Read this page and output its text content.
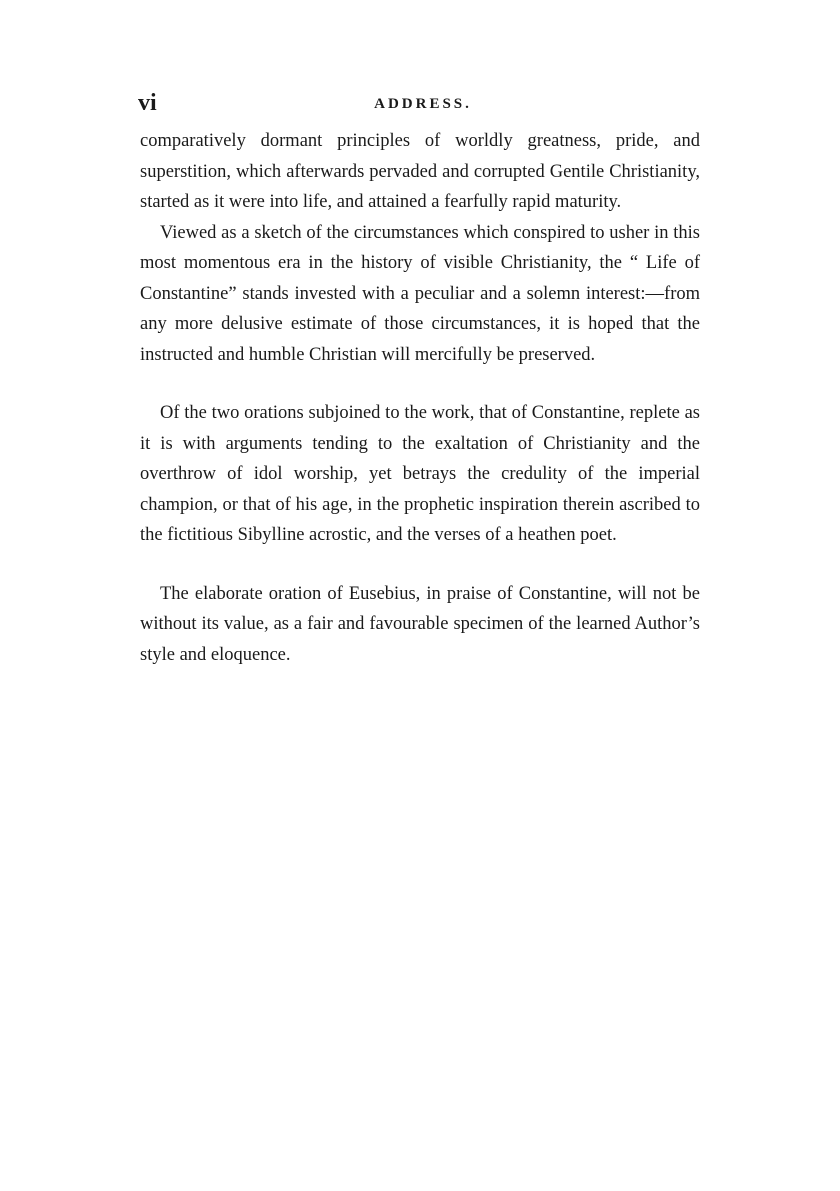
vi	ADDRESS.

comparatively dormant principles of worldly greatness, pride, and superstition, which afterwards pervaded and corrupted Gentile Christianity, started as it were into life, and attained a fearfully rapid maturity.

Viewed as a sketch of the circumstances which conspired to usher in this most momentous era in the history of visible Christianity, the “ Life of Constantine” stands invested with a peculiar and a solemn interest:—from any more delusive estimate of those circumstances, it is hoped that the instructed and humble Christian will mercifully be preserved.

Of the two orations subjoined to the work, that of Constantine, replete as it is with arguments tending to the exaltation of Christianity and the overthrow of idol worship, yet betrays the credulity of the imperial champion, or that of his age, in the prophetic inspiration therein ascribed to the fictitious Sibylline acrostic, and the verses of a heathen poet.

The elaborate oration of Eusebius, in praise of Constantine, will not be without its value, as a fair and favourable specimen of the learned Author’s style and eloquence.
